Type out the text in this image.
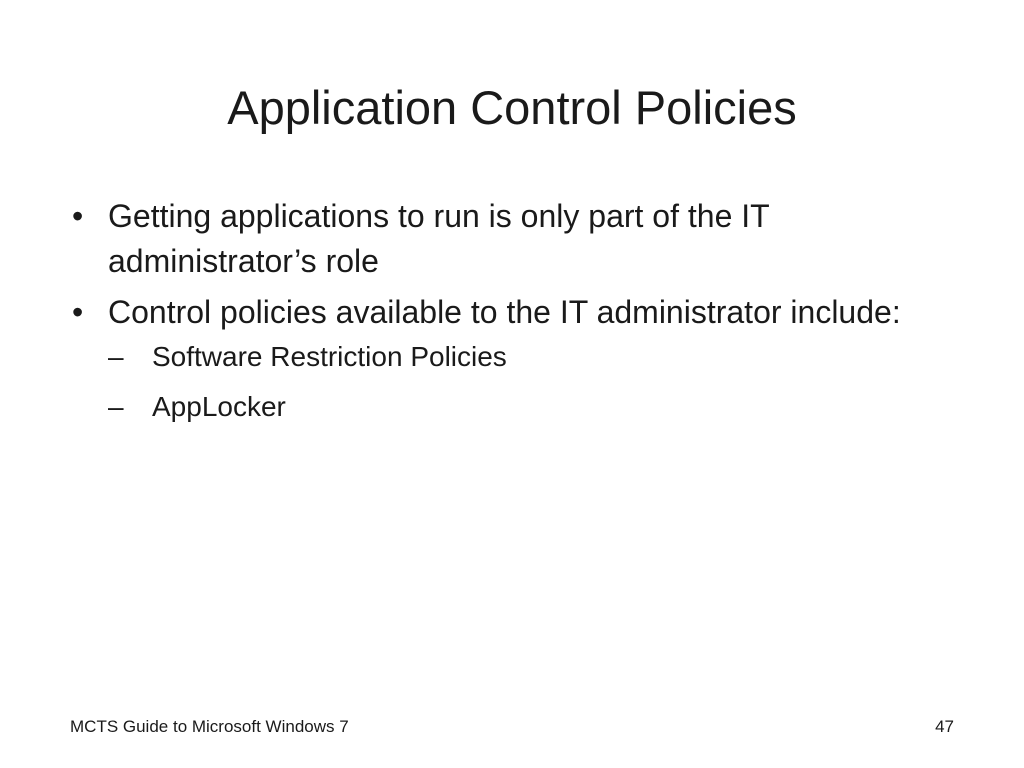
Application Control Policies
• Getting applications to run is only part of the IT administrator’s role
• Control policies available to the IT administrator include:
– Software Restriction Policies
– AppLocker
MCTS Guide to Microsoft Windows 7	47
